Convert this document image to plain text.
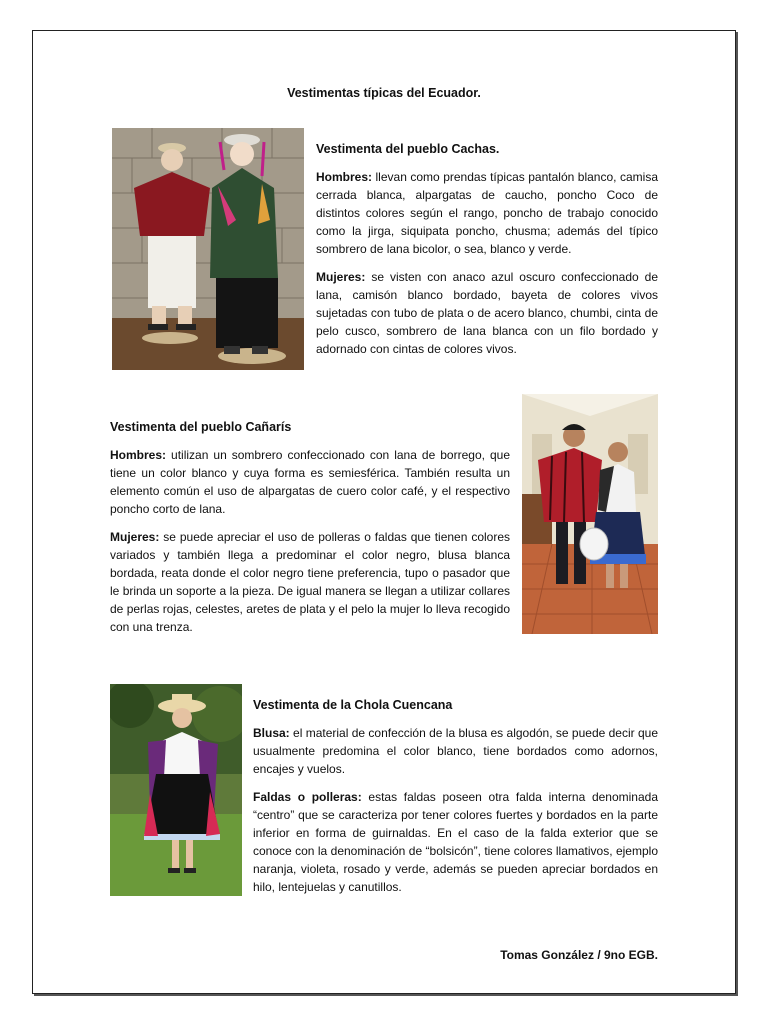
Vestimentas típicas del Ecuador.
Vestimenta del pueblo Cachas.

Hombres: llevan como prendas típicas pantalón blanco, camisa cerrada blanca, alpargatas de caucho, poncho Coco de distintos colores según el rango, poncho de trabajo conocido como la jirga, siquipata poncho, chusma; además del típico sombrero de lana bicolor, o sea, blanco y verde.

Mujeres: se visten con anaco azul oscuro confeccionado de lana, camisón blanco bordado, bayeta de colores vivos sujetadas con tubo de plata o de acero blanco, chumbi, cinta de pelo cusco, sombrero de lana blanca con un filo bordado y adornado con cintas de colores vivos.

Vestimenta del pueblo Cañarís

Hombres: utilizan un sombrero confeccionado con lana de borrego, que tiene un color blanco y cuya forma es semiesférica. También resulta un elemento común el uso de alpargatas de cuero color café, y el respectivo poncho corto de lana.

Mujeres: se puede apreciar el uso de polleras o faldas que tienen colores variados y también llega a predominar el color negro, blusa blanca bordada, reata donde el color negro tiene preferencia, tupo o pasador que le brinda un soporte a la pieza. De igual manera se llegan a utilizar collares de perlas rojas, celestes, aretes de plata y el pelo la mujer lo lleva recogido con una trenza.

Vestimenta de la Chola Cuencana

Blusa: el material de confección de la blusa es algodón, se puede decir que usualmente predomina el color blanco, tiene bordados como adornos, encajes y vuelos.

Faldas o polleras: estas faldas poseen otra falda interna denominada “centro” que se caracteriza por tener colores fuertes y bordados en la parte inferior en forma de guirnaldas. En el caso de la falda exterior que se conoce con la denominación de “bolsicón”, tiene colores llamativos, ejemplo naranja, violeta, rosado y verde, además se pueden apreciar bordados en hilo, lentejuelas y canutillos.

Tomas González / 9no EGB.
